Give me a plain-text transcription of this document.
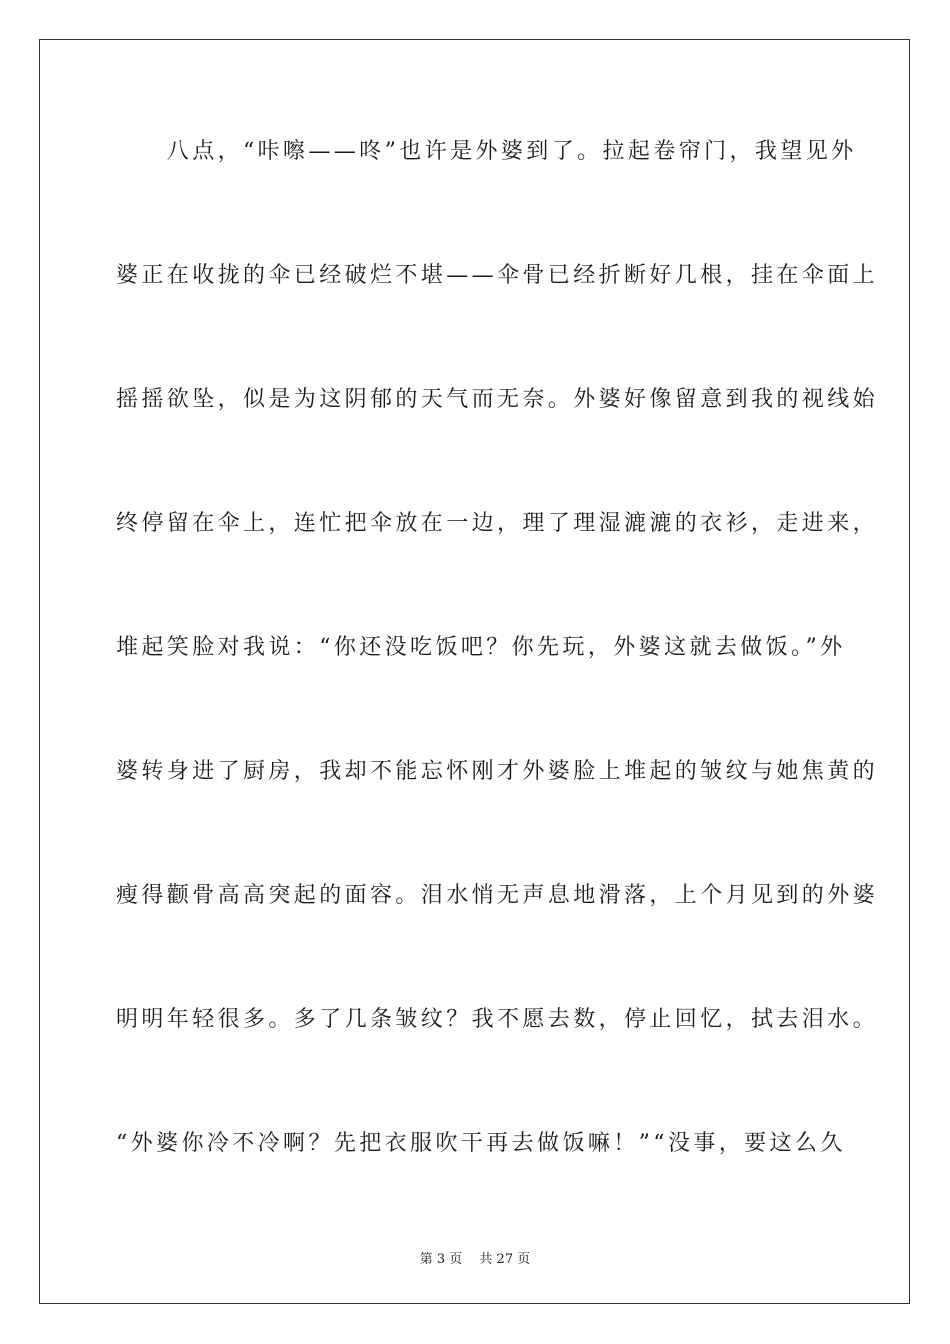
　　八点，“咔嚓——咚”也许是外婆到了。拉起卷帘门，我望见外
婆正在收拢的伞已经破烂不堪——伞骨已经折断好几根，挂在伞面上
摇摇欲坠，似是为这阴郁的天气而无奈。外婆好像留意到我的视线始
终停留在伞上，连忙把伞放在一边，理了理湿漉漉的衣衫，走进来，
堆起笑脸对我说：“你还没吃饭吧？你先玩，外婆这就去做饭。”外
婆转身进了厨房，我却不能忘怀刚才外婆脸上堆起的皱纹与她焦黄的
瘦得颧骨高高突起的面容。泪水悄无声息地滑落，上个月见到的外婆
明明年轻很多。多了几条皱纹？我不愿去数，停止回忆，拭去泪水。
“外婆你冷不冷啊？先把衣服吹干再去做饭嘛！”“没事，要这么久
第 3 页　 共 27 页
